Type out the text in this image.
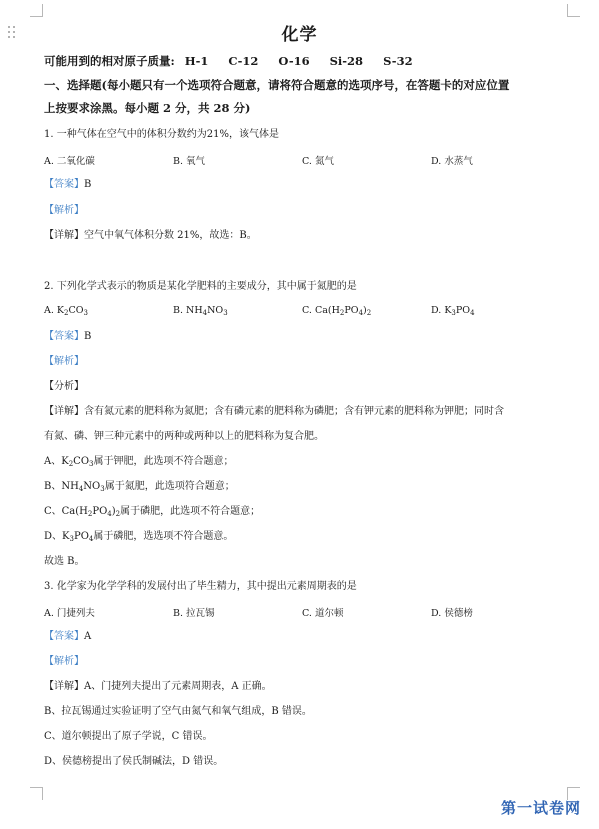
化学
可能用到的相对原子质量: H-1 C-12 O-16 Si-28 S-32
一、选择题(每小题只有一个选项符合题意，请将符合题意的选项序号，在答题卡的对应位置
上按要求涂黑。每小题 2 分，共 28 分)
1. 一种气体在空气中的体积分数约为21%，该气体是
A. 二氧化碳	B. 氧气	C. 氮气	D. 水蒸气
【答案】B
【解析】
【详解】空气中氧气体积分数 21%，故选：B。
2. 下列化学式表示的物质是某化学肥料的主要成分，其中属于氮肥的是
A. $K_2CO_3$	B. $NH_4NO_3$	C. $Ca(H_2PO_4)_2$	D. $K_3PO_4$
【答案】B
【解析】
【分析】
【详解】含有氮元素的肥料称为氮肥；含有磷元素的肥料称为磷肥；含有钾元素的肥料称为钾肥；同时含
有氮、磷、钾三种元素中的两种或两种以上的肥料称为复合肥。
A、$K_2CO_3$属于钾肥，此选项不符合题意；
B、$NH_4NO_3$属于氮肥，此选项符合题意；
C、$Ca(H_2PO_4)_2$属于磷肥，此选项不符合题意；
D、$K_3PO_4$属于磷肥，选选项不符合题意。
故选 B。
3. 化学家为化学学科的发展付出了毕生精力，其中提出元素周期表的是
A. 门捷列夫	B. 拉瓦锡	C. 道尔顿	D. 侯德榜
【答案】A
【解析】
【详解】A、门捷列夫提出了元素周期表，A 正确。
B、拉瓦锡通过实验证明了空气由氮气和氧气组成，B 错误。
C、道尔顿提出了原子学说，C 错误。
D、侯德榜提出了侯氏制碱法，D 错误。
第一试卷网
